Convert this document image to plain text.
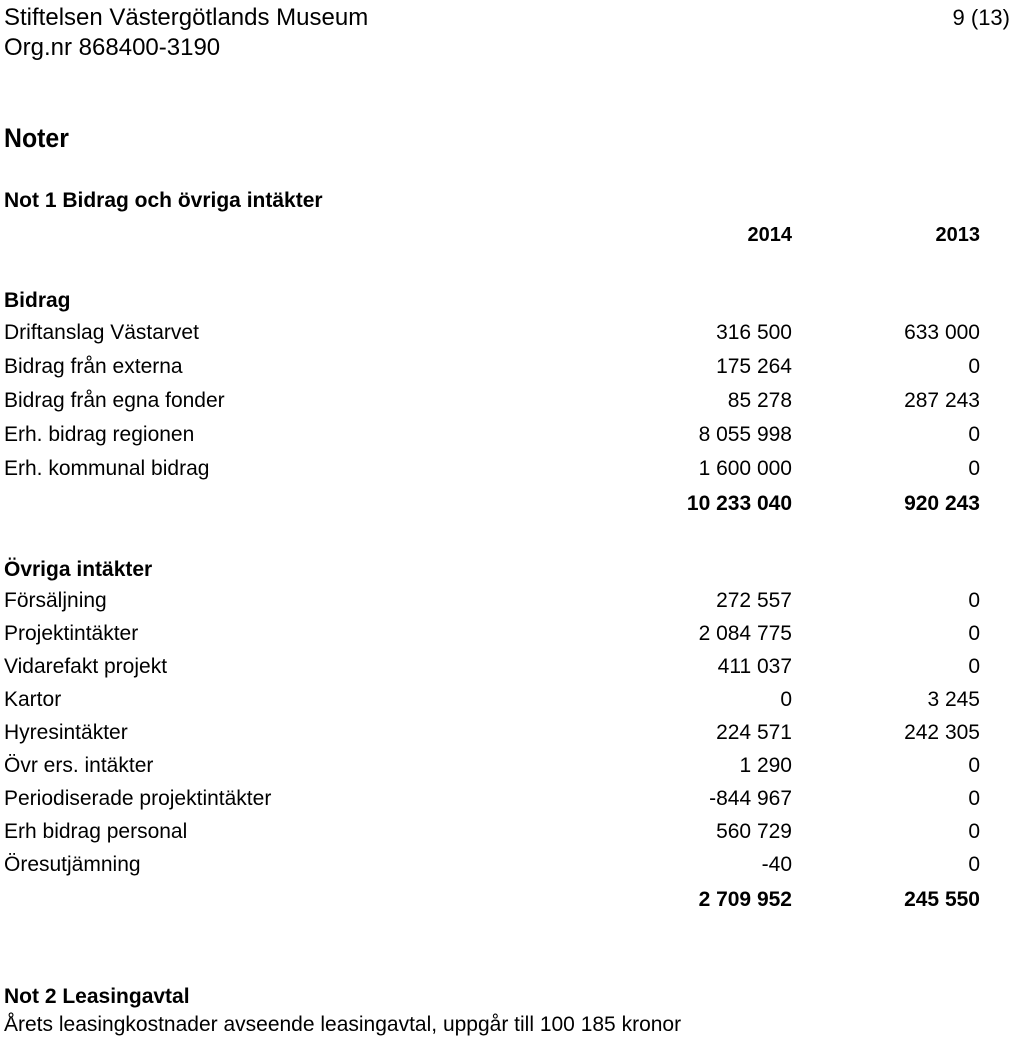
Stiftelsen Västergötlands Museum
Org.nr 868400-3190
9 (13)
Noter
Not 1 Bidrag och övriga intäkter
2014	2013
Bidrag
Driftanslag Västarvet	316 500	633 000
Bidrag från externa	175 264	0
Bidrag från egna fonder	85 278	287 243
Erh. bidrag regionen	8 055 998	0
Erh. kommunal bidrag	1 600 000	0
10 233 040	920 243
Övriga intäkter
Försäljning	272 557	0
Projektintäkter	2 084 775	0
Vidarefakt projekt	411 037	0
Kartor	0	3 245
Hyresintäkter	224 571	242 305
Övr ers. intäkter	1 290	0
Periodiserade projektintäkter	-844 967	0
Erh bidrag personal	560 729	0
Öresutjämning	-40	0
2 709 952	245 550
Not 2 Leasingavtal
Årets leasingkostnader avseende leasingavtal, uppgår till 100 185 kronor
